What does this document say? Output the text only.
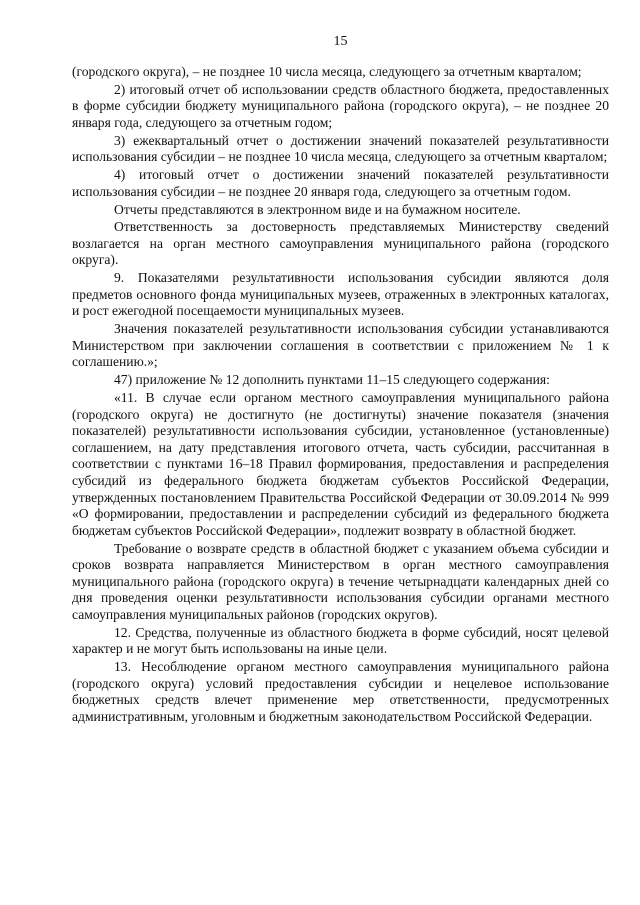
15

(городского округа), – не позднее 10 числа месяца, следующего за отчетным кварталом;

2) итоговый отчет об использовании средств областного бюджета, предоставленных в форме субсидии бюджету муниципального района (городского округа), – не позднее 20 января года, следующего за отчетным годом;

3) ежеквартальный отчет о достижении значений показателей результативности использования субсидии – не позднее 10 числа месяца, следующего за отчетным кварталом;

4) итоговый отчет о достижении значений показателей результативности использования субсидии – не позднее 20 января года, следующего за отчетным годом.

Отчеты представляются в электронном виде и на бумажном носителе.

Ответственность за достоверность представляемых Министерству сведений возлагается на орган местного самоуправления муниципального района (городского округа).

9. Показателями результативности использования субсидии являются доля предметов основного фонда муниципальных музеев, отраженных в электронных каталогах, и рост ежегодной посещаемости муниципальных музеев.

Значения показателей результативности использования субсидии устанавливаются Министерством при заключении соглашения в соответствии с приложением № 1 к соглашению.»;

47) приложение № 12 дополнить пунктами 11–15 следующего содержания:

«11. В случае если органом местного самоуправления муниципального района (городского округа) не достигнуто (не достигнуты) значение показателя (значения показателей) результативности использования субсидии, установленное (установленные) соглашением, на дату представления итогового отчета, часть субсидии, рассчитанная в соответствии с пунктами 16–18 Правил формирования, предоставления и распределения субсидий из федерального бюджета бюджетам субъектов Российской Федерации, утвержденных постановлением Правительства Российской Федерации от 30.09.2014 № 999 «О формировании, предоставлении и распределении субсидий из федерального бюджета бюджетам субъектов Российской Федерации», подлежит возврату в областной бюджет.

Требование о возврате средств в областной бюджет с указанием объема субсидии и сроков возврата направляется Министерством в орган местного самоуправления муниципального района (городского округа) в течение четырнадцати календарных дней со дня проведения оценки результативности использования субсидии органами местного самоуправления муниципальных районов (городских округов).

12. Средства, полученные из областного бюджета в форме субсидий, носят целевой характер и не могут быть использованы на иные цели.

13. Несоблюдение органом местного самоуправления муниципального района (городского округа) условий предоставления субсидии и нецелевое использование бюджетных средств влечет применение мер ответственности, предусмотренных административным, уголовным и бюджетным законодательством Российской Федерации.
